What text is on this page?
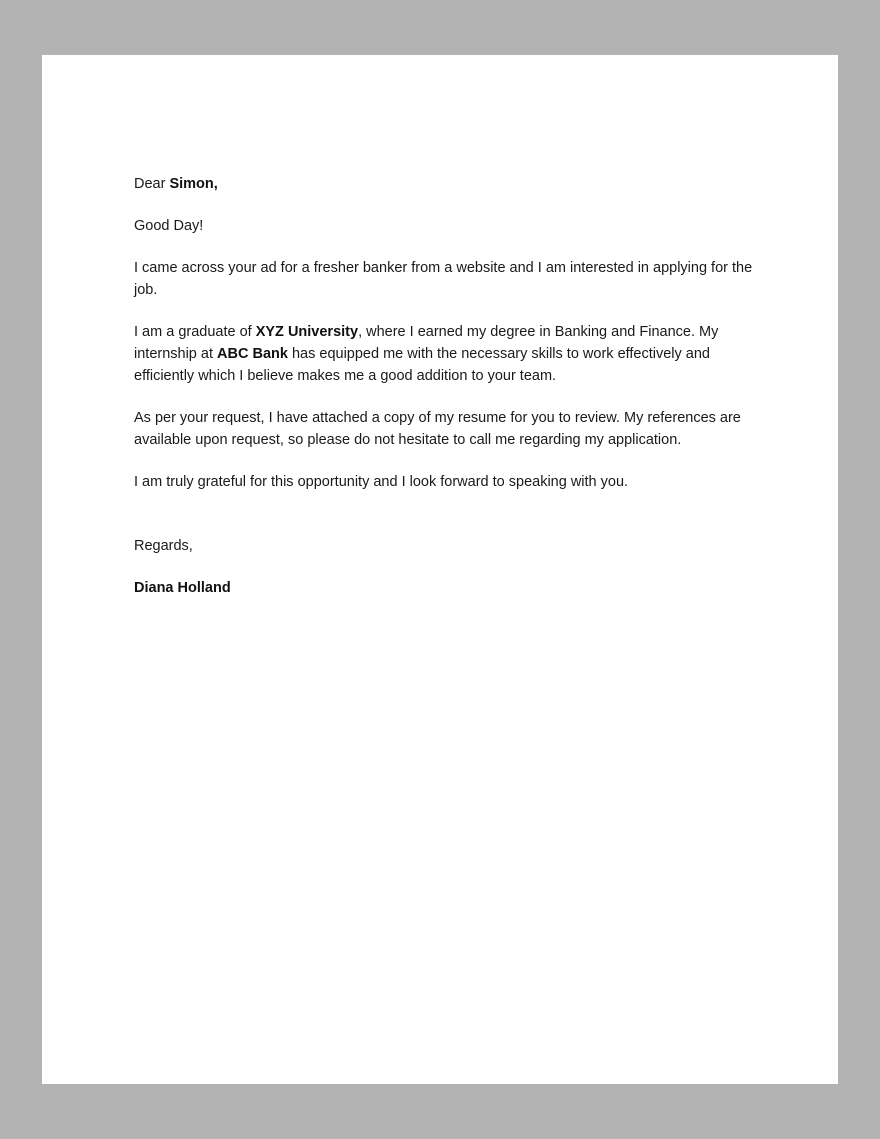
Dear Simon,

Good Day!

I came across your ad for a fresher banker from a website and I am interested in applying for the job.

I am a graduate of XYZ University, where I earned my degree in Banking and Finance. My internship at ABC Bank has equipped me with the necessary skills to work effectively and efficiently which I believe makes me a good addition to your team.

As per your request, I have attached a copy of my resume for you to review. My references are available upon request, so please do not hesitate to call me regarding my application.

I am truly grateful for this opportunity and I look forward to speaking with you.

Regards,

Diana Holland
